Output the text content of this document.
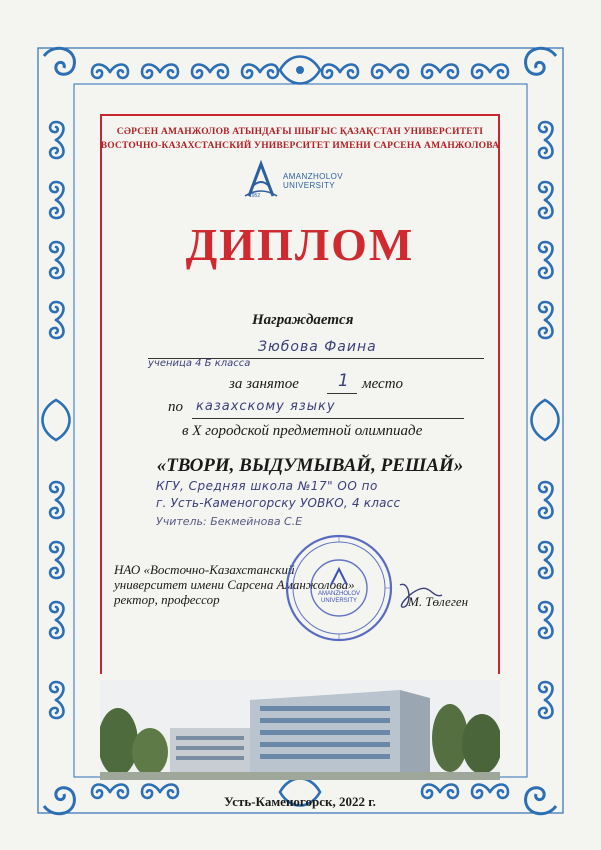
СӘРСЕН АМАНЖОЛОВ АТЫНДАҒЫ ШЫҒЫС ҚАЗАҚСТАН УНИВЕРСИТЕТІ
ВОСТОЧНО-КАЗАХСТАНСКИЙ УНИВЕРСИТЕТ ИМЕНИ САРСЕНА АМАНЖОЛОВА
AMANZHOLOV
UNIVERSITY
1952
ДИПЛОМ
Награждается
Зюбова Фаина
ученица 4 Б класса
за занятое 1 место
по казахскому языку
в X городской предметной олимпиаде
«ТВОРИ, ВЫДУМЫВАЙ, РЕШАЙ»
КГУ, Средняя школа №17" ОО по
г. Усть-Каменогорску УОВКО, 4 класс
Учитель: Бекмейнова С.Е
НАО «Восточно-Казахстанский
университет имени Сарсена Аманжолова»
ректор, профессор	М. Төлеген
AMANZHOLOV
UNIVERSITY
Усть-Каменогорск, 2022 г.
